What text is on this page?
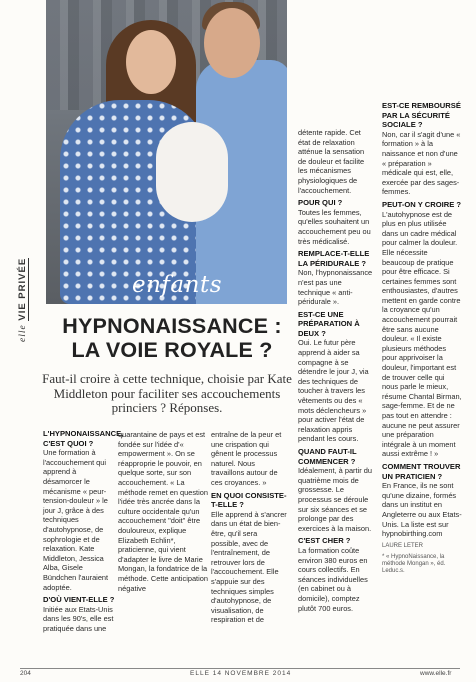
enfants
elle VIE PRIVÉE
HYPNONAISSANCE :
LA VOIE ROYALE ?
Faut-il croire à cette technique, choisie par Kate Middleton pour faciliter ses accouchements princiers ? Réponses.
L'HYPNONAISSANCE, C'EST QUOI ?

Une formation à l'accouchement qui apprend à désamorcer le mécanisme « peur-tension-douleur » le jour J, grâce à des techniques d'autohypnose, de sophrologie et de relaxation. Kate Middleton, Jessica Alba, Gisele Bündchen l'auraient adoptée.

D'OÙ VIENT-ELLE ?

Initiée aux Etats-Unis dans les 90's, elle est pratiquée dans une

quarantaine de pays et est fondée sur l'idée d'« empowerment ». On se réapproprie le pouvoir, en quelque sorte, sur son accouchement. « La méthode remet en question l'idée très ancrée dans la culture occidentale qu'un accouchement "doit" être douloureux, explique Elizabeth Echlin*, praticienne, qui vient d'adapter le livre de Marie Mongan, la fondatrice de la méthode. Cette anticipation négative

entraîne de la peur et une crispation qui gênent le processus naturel. Nous travaillons autour de ces croyances. »

EN QUOI CONSISTE-T-ELLE ?

Elle apprend à s'ancrer dans un état de bien-être, qu'il sera possible, avec de l'entraînement, de retrouver lors de l'accouchement. Elle s'appuie sur des techniques simples d'autohypnose, de visualisation, de respiration et de

détente rapide. Cet état de relaxation atténue la sensation de douleur et facilite les mécanismes physiologiques de l'accouchement.

POUR QUI ?

Toutes les femmes, qu'elles souhaitent un accouchement peu ou très médicalisé.

REMPLACE-T-ELLE LA PÉRIDURALE ?

Non, l'hypnonaissance n'est pas une technique « anti-péridurale ».

EST-CE UNE PRÉPARATION À DEUX ?

Oui. Le futur père apprend à aider sa compagne à se détendre le jour J, via des techniques de toucher à travers les vêtements ou des « mots déclencheurs » pour activer l'état de relaxation appris pendant les cours.

QUAND FAUT-IL COMMENCER ?

Idéalement, à partir du quatrième mois de grossesse. Le processus se déroule sur six séances et se prolonge par des exercices à la maison.

C'EST CHER ?

La formation coûte environ 380 euros en cours collectifs. En séances individuelles (en cabinet ou à domicile), comptez plutôt 700 euros.

EST-CE REMBOURSÉ PAR LA SÉCURITÉ SOCIALE ?

Non, car il s'agit d'une « formation » à la naissance et non d'une « préparation » médicale qui est, elle, exercée par des sages-femmes.

PEUT-ON Y CROIRE ?

L'autohypnose est de plus en plus utilisée dans un cadre médical pour calmer la douleur. Elle nécessite beaucoup de pratique pour être efficace. Si certaines femmes sont enthousiastes, d'autres mettent en garde contre la croyance qu'un accouchement pourrait être sans aucune douleur. « Il existe plusieurs méthodes pour apprivoiser la douleur, l'important est de trouver celle qui nous parle le mieux, résume Chantal Birman, sage-femme. Et de ne pas tout en attendre : aucune ne peut assurer une préparation intégrale à un moment aussi extrême ! »

COMMENT TROUVER UN PRATICIEN ?

En France, ils ne sont qu'une dizaine, formés dans un institut en Angleterre ou aux Etats-Unis. La liste est sur hypnobirthing.com

LAURE LETER

* « HypnoNaissance, la méthode Mongan », éd. Leduc.s.

204	ELLE 14 NOVEMBRE 2014	www.elle.fr
